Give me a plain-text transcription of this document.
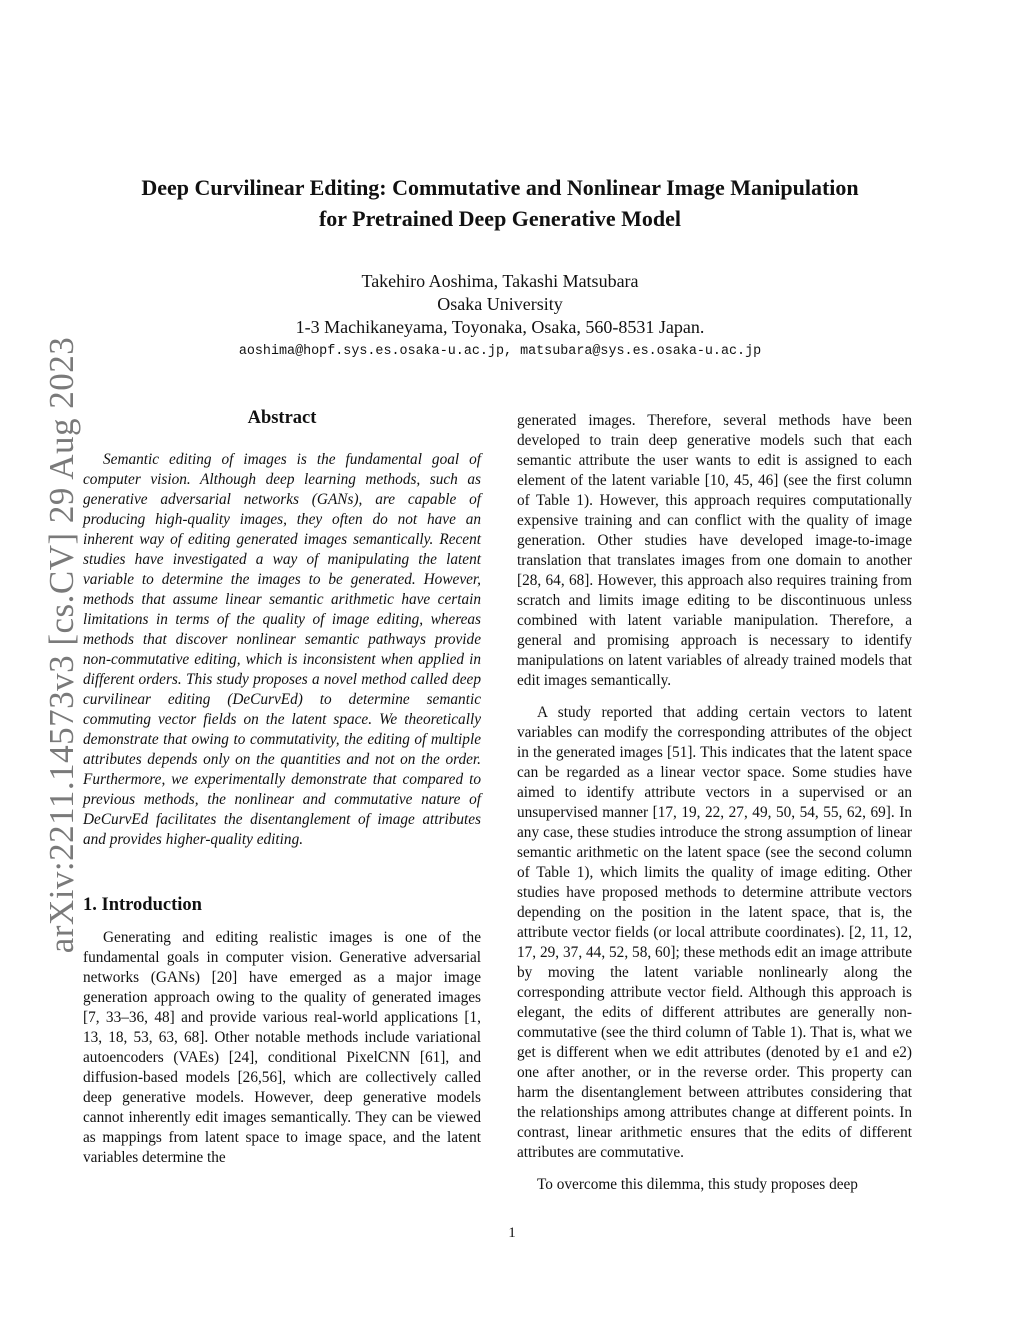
arXiv:2211.14573v3 [cs.CV] 29 Aug 2023
Deep Curvilinear Editing: Commutative and Nonlinear Image Manipulation
for Pretrained Deep Generative Model
Takehiro Aoshima, Takashi Matsubara
Osaka University
1-3 Machikaneyama, Toyonaka, Osaka, 560-8531 Japan.
aoshima@hopf.sys.es.osaka-u.ac.jp, matsubara@sys.es.osaka-u.ac.jp
Abstract

Semantic editing of images is the fundamental goal of computer vision. Although deep learning methods, such as generative adversarial networks (GANs), are capable of producing high-quality images, they often do not have an inherent way of editing generated images semantically. Recent studies have investigated a way of manipulating the latent variable to determine the images to be generated. However, methods that assume linear semantic arithmetic have certain limitations in terms of the quality of image editing, whereas methods that discover nonlinear semantic pathways provide non-commutative editing, which is inconsistent when applied in different orders. This study proposes a novel method called deep curvilinear editing (DeCurvEd) to determine semantic commuting vector fields on the latent space. We theoretically demonstrate that owing to commutativity, the editing of multiple attributes depends only on the quantities and not on the order. Furthermore, we experimentally demonstrate that compared to previous methods, the nonlinear and commutative nature of DeCurvEd facilitates the disentanglement of image attributes and provides higher-quality editing.

1. Introduction

Generating and editing realistic images is one of the fundamental goals in computer vision. Generative adversarial networks (GANs) [20] have emerged as a major image generation approach owing to the quality of generated images [7, 33–36, 48] and provide various real-world applications [1, 13, 18, 53, 63, 68]. Other notable methods include variational autoencoders (VAEs) [24], conditional PixelCNN [61], and diffusion-based models [26,56], which are collectively called deep generative models. However, deep generative models cannot inherently edit images semantically. They can be viewed as mappings from latent space to image space, and the latent variables determine the

generated images. Therefore, several methods have been developed to train deep generative models such that each semantic attribute the user wants to edit is assigned to each element of the latent variable [10, 45, 46] (see the first column of Table 1). However, this approach requires computationally expensive training and can conflict with the quality of image generation. Other studies have developed image-to-image translation that translates images from one domain to another [28, 64, 68]. However, this approach also requires training from scratch and limits image editing to be discontinuous unless combined with latent variable manipulation. Therefore, a general and promising approach is necessary to identify manipulations on latent variables of already trained models that edit images semantically.

A study reported that adding certain vectors to latent variables can modify the corresponding attributes of the object in the generated images [51]. This indicates that the latent space can be regarded as a linear vector space. Some studies have aimed to identify attribute vectors in a supervised or an unsupervised manner [17, 19, 22, 27, 49, 50, 54, 55, 62, 69]. In any case, these studies introduce the strong assumption of linear semantic arithmetic on the latent space (see the second column of Table 1), which limits the quality of image editing. Other studies have proposed methods to determine attribute vectors depending on the position in the latent space, that is, the attribute vector fields (or local attribute coordinates). [2, 11, 12, 17, 29, 37, 44, 52, 58, 60]; these methods edit an image attribute by moving the latent variable nonlinearly along the corresponding attribute vector field. Although this approach is elegant, the edits of different attributes are generally non-commutative (see the third column of Table 1). That is, what we get is different when we edit attributes (denoted by e1 and e2) one after another, or in the reverse order. This property can harm the disentanglement between attributes considering that the relationships among attributes change at different points. In contrast, linear arithmetic ensures that the edits of different attributes are commutative.

To overcome this dilemma, this study proposes deep

1
